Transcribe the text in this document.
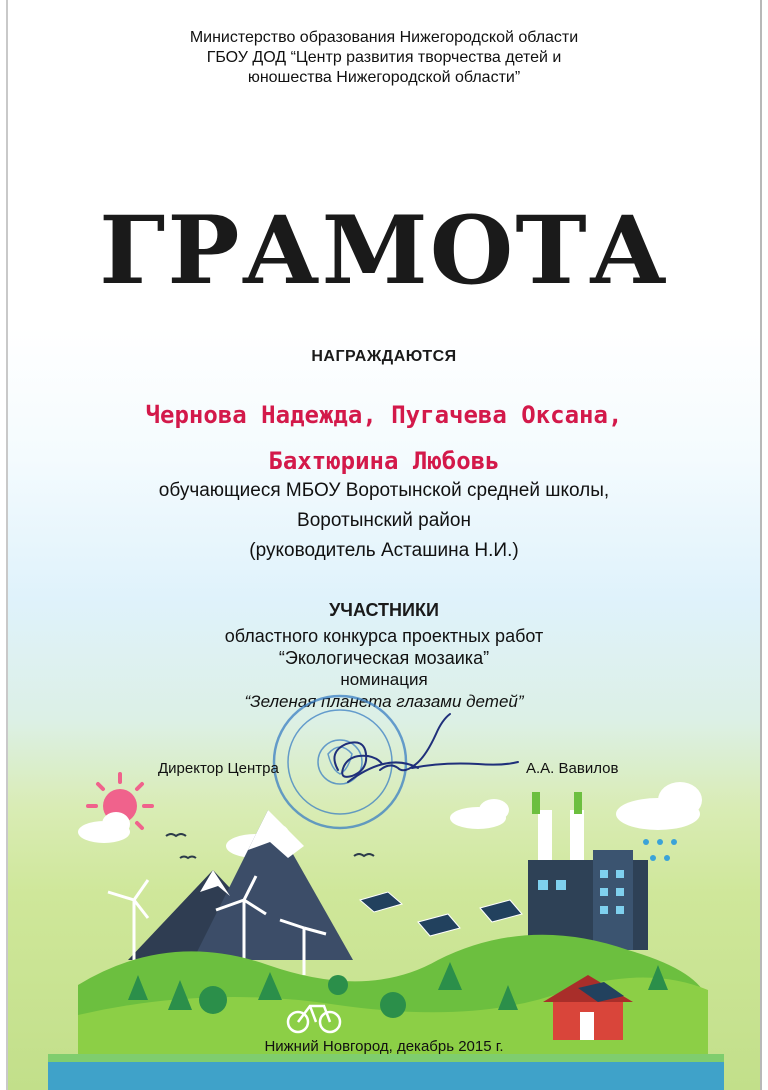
Министерство образования Нижегородской области
ГБОУ ДОД “Центр развития творчества детей и
юношества Нижегородской области”
ГРАМОТА
НАГРАЖДАЮТСЯ
Чернова Надежда, Пугачева Оксана,
Бахтюрина Любовь
обучающиеся МБОУ Воротынской средней школы,
Воротынский район
(руководитель Асташина Н.И.)
УЧАСТНИКИ
областного конкурса проектных работ
“Экологическая мозаика”
номинация
“Зеленая планета глазами детей”
Директор Центра	А.А. Вавилов
Нижний Новгород, декабрь 2015 г.
